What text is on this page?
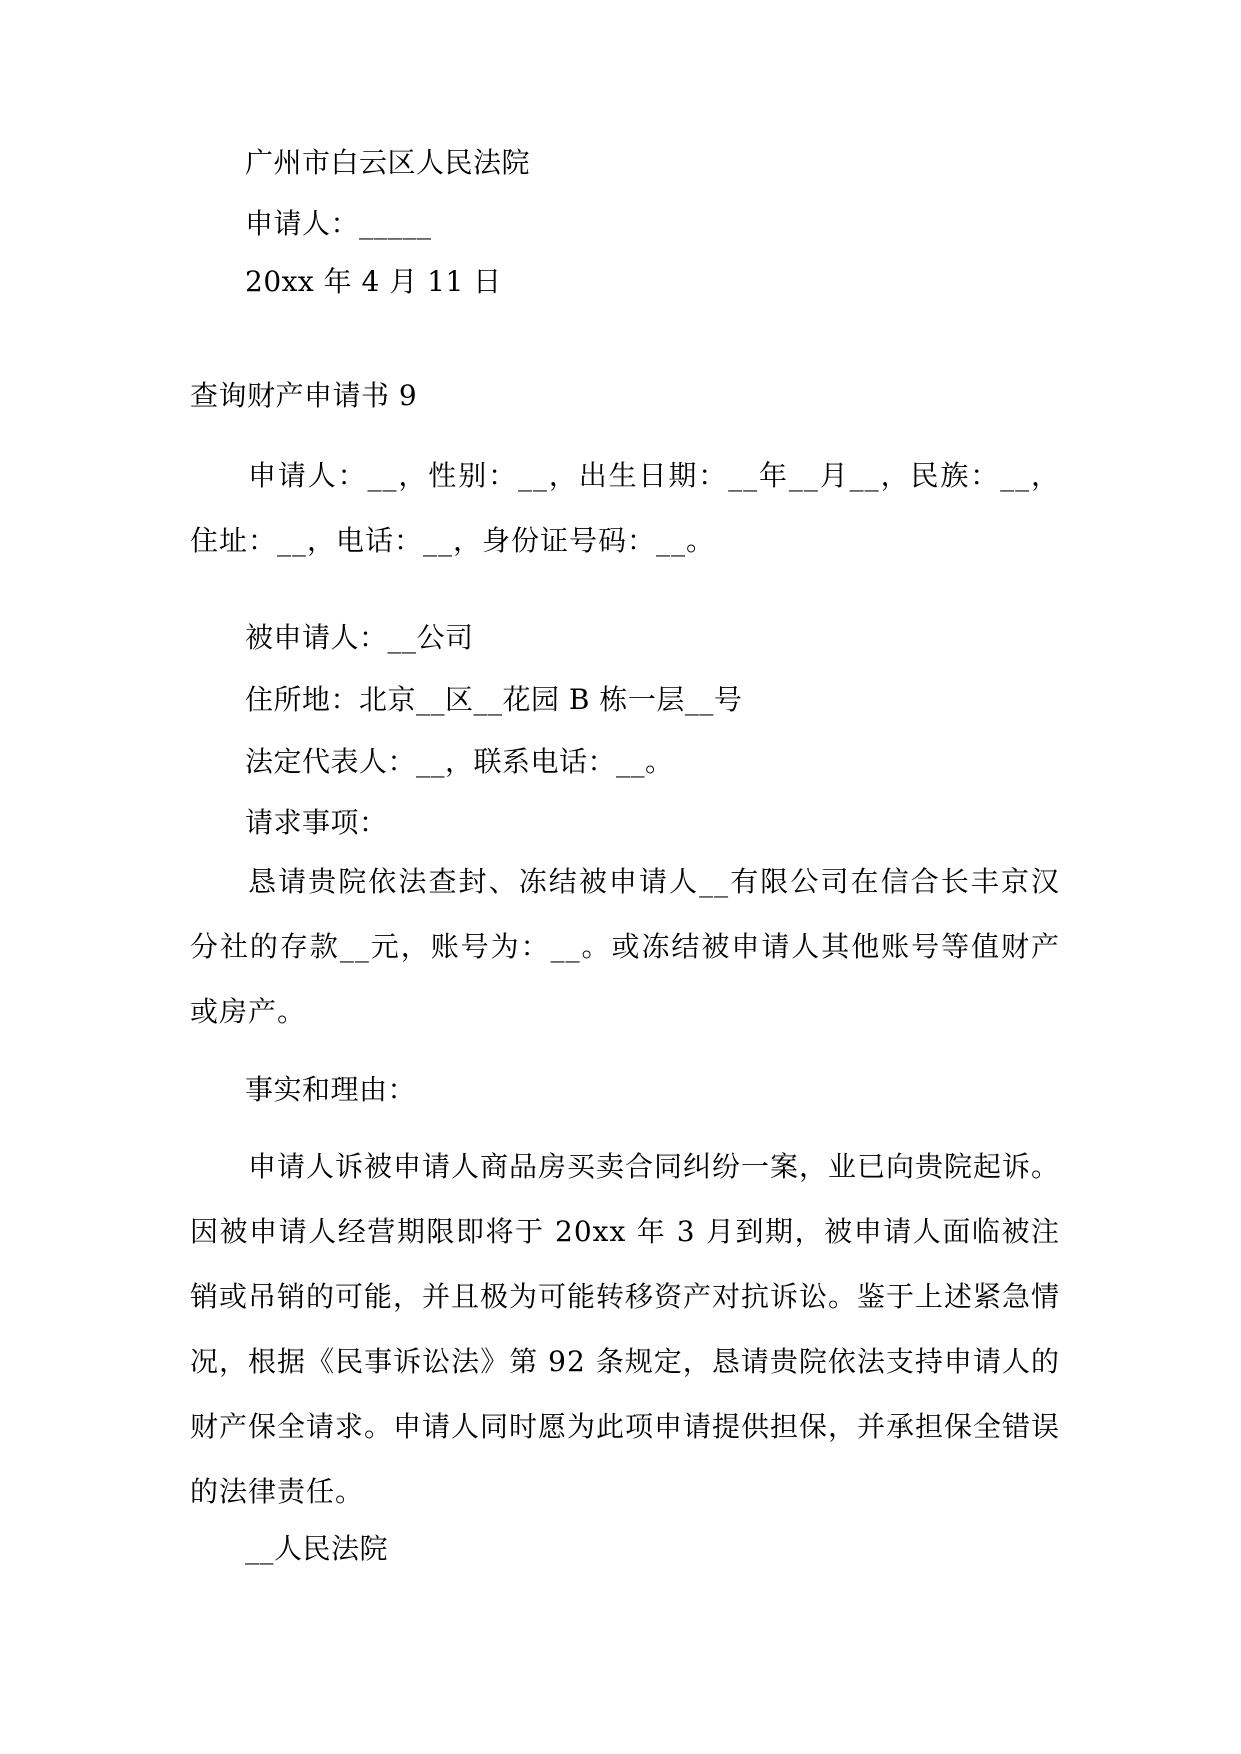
广州市白云区人民法院
申请人：_____
20xx 年 4 月 11 日
查询财产申请书 9
申请人：__，性别：__，出生日期：__年__月__，民族：__，住址：__，电话：__，身份证号码：__。
被申请人：__公司
住所地：北京__区__花园 B 栋一层__号
法定代表人：__，联系电话：__。
请求事项：
恳请贵院依法查封、冻结被申请人__有限公司在信合长丰京汉分社的存款__元，账号为：__。或冻结被申请人其他账号等值财产或房产。
事实和理由：
申请人诉被申请人商品房买卖合同纠纷一案，业已向贵院起诉。因被申请人经营期限即将于 20xx 年 3 月到期，被申请人面临被注销或吊销的可能，并且极为可能转移资产对抗诉讼。鉴于上述紧急情况，根据《民事诉讼法》第 92 条规定，恳请贵院依法支持申请人的财产保全请求。申请人同时愿为此项申请提供担保，并承担保全错误的法律责任。
__人民法院
